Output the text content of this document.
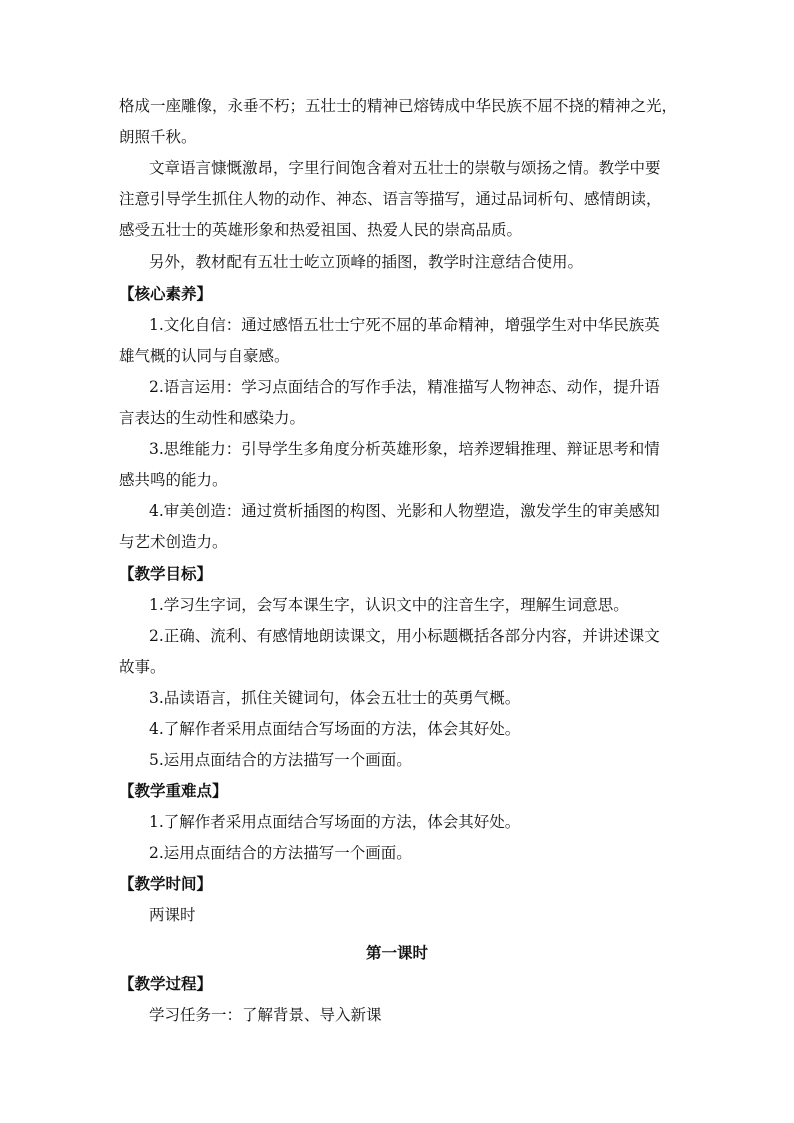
格成一座雕像，永垂不朽；五壮士的精神已熔铸成中华民族不屈不挠的精神之光，
朗照千秋。
文章语言慷慨激昂，字里行间饱含着对五壮士的崇敬与颂扬之情。教学中要
注意引导学生抓住人物的动作、神态、语言等描写，通过品词析句、感情朗读，
感受五壮士的英雄形象和热爱祖国、热爱人民的崇高品质。
另外，教材配有五壮士屹立顶峰的插图，教学时注意结合使用。
【核心素养】
1.文化自信：通过感悟五壮士宁死不屈的革命精神，增强学生对中华民族英
雄气概的认同与自豪感。
2.语言运用：学习点面结合的写作手法，精准描写人物神态、动作，提升语
言表达的生动性和感染力。
3.思维能力：引导学生多角度分析英雄形象，培养逻辑推理、辩证思考和情
感共鸣的能力。
4.审美创造：通过赏析插图的构图、光影和人物塑造，激发学生的审美感知
与艺术创造力。
【教学目标】
1.学习生字词，会写本课生字，认识文中的注音生字，理解生词意思。
2.正确、流利、有感情地朗读课文，用小标题概括各部分内容，并讲述课文
故事。
3.品读语言，抓住关键词句，体会五壮士的英勇气概。
4.了解作者采用点面结合写场面的方法，体会其好处。
5.运用点面结合的方法描写一个画面。
【教学重难点】
1.了解作者采用点面结合写场面的方法，体会其好处。
2.运用点面结合的方法描写一个画面。
【教学时间】
两课时
第一课时
【教学过程】
学习任务一：了解背景、导入新课
